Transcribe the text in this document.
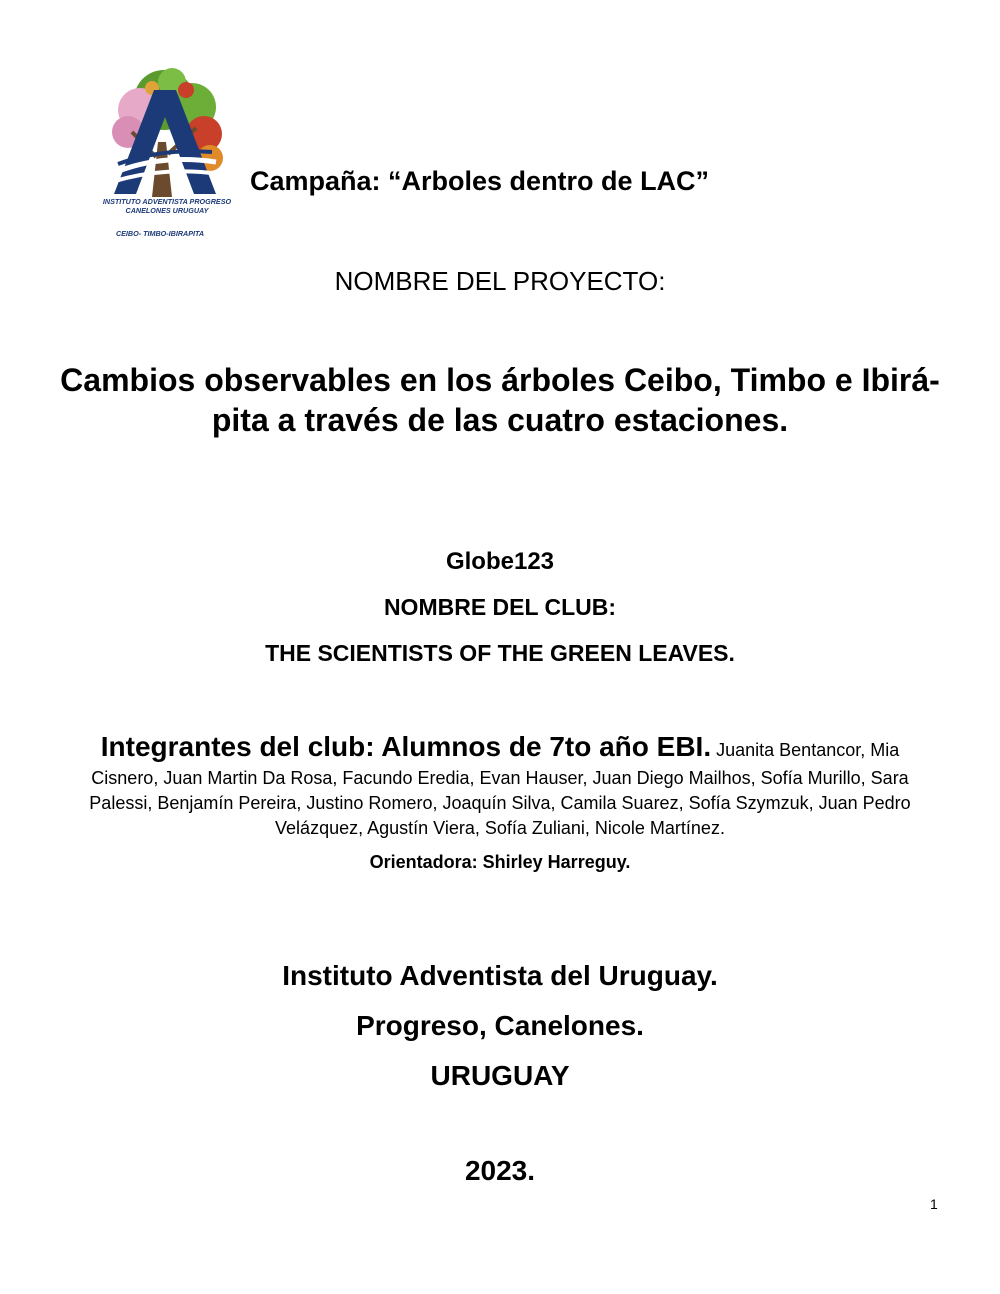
INSTITUTO ADVENTISTA PROGRESO
CANELONES URUGUAY
CEIBO- TIMBO-IBIRAPITA
Campaña: “Arboles dentro de LAC”
NOMBRE DEL PROYECTO:
Cambios observables en los árboles Ceibo, Timbo e Ibirá-pita a través de las cuatro estaciones.
Globe123
NOMBRE DEL CLUB:
THE SCIENTISTS OF THE GREEN LEAVES.
Integrantes del club: Alumnos de 7to año EBI. Juanita Bentancor, Mia Cisnero, Juan Martin Da Rosa, Facundo Eredia, Evan Hauser, Juan Diego Mailhos, Sofía Murillo, Sara Palessi, Benjamín Pereira, Justino Romero, Joaquín Silva, Camila Suarez, Sofía Szymzuk, Juan Pedro Velázquez, Agustín Viera, Sofía Zuliani, Nicole Martínez.
Orientadora: Shirley Harreguy.
Instituto Adventista del Uruguay.
Progreso, Canelones.
URUGUAY
2023.
1
